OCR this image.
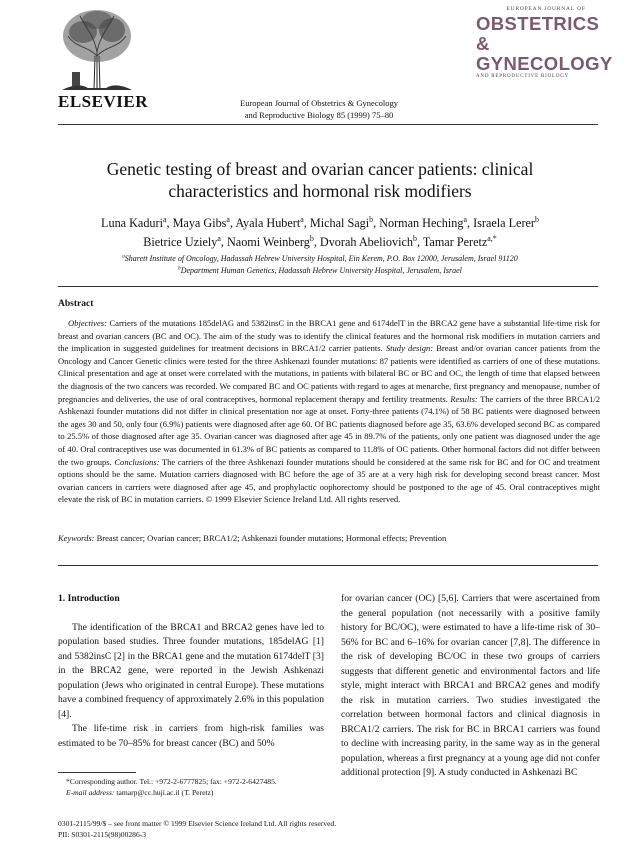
ELSEVIER	European Journal of Obstetrics & Gynecology
and Reproductive Biology 85 (1999) 75–80
EUROPEAN JOURNAL OF
OBSTETRICS &
GYNECOLOGY
AND REPRODUCTIVE BIOLOGY
Genetic testing of breast and ovarian cancer patients: clinical
characteristics and hormonal risk modifiers
Luna Kaduri$^a$, Maya Gibs$^a$, Ayala Hubert$^a$, Michal Sagi$^b$, Norman Heching$^a$, Israela Lerer$^b$
Bietrice Uziely$^a$, Naomi Weinberg$^b$, Dvorah Abeliovich$^b$, Tamar Peretz$^{a,*}$
$^a$Sharett Institute of Oncology, Hadassah Hebrew University Hospital, Ein Kerem, P.O. Box 12000, Jerusalem, Israel 91120
$^b$Department Human Genetics, Hadassah Hebrew University Hospital, Jerusalem, Israel
Abstract
Objectives: Carriers of the mutations 185delAG and 5382insC in the BRCA1 gene and 6174delT in the BRCA2 gene have a substantial life-time risk for breast and ovarian cancers (BC and OC). The aim of the study was to identify the clinical features and the hormonal risk modifiers in mutation carriers and the implication in suggested guidelines for treatment decisions in BRCA1/2 carrier patients. Study design: Breast and/or ovarian cancer patients from the Oncology and Cancer Genetic clinics were tested for the three Ashkenazi founder mutations: 87 patients were identified as carriers of one of these mutations. Clinical presentation and age at onset were correlated with the mutations, in patients with bilateral BC or BC and OC, the length of time that elapsed between the diagnosis of the two cancers was recorded. We compared BC and OC patients with regard to ages at menarche, first pregnancy and menopause, number of pregnancies and deliveries, the use of oral contraceptives, hormonal replacement therapy and fertility treatments. Results: The carriers of the three BRCA1/2 Ashkenazi founder mutations did not differ in clinical presentation nor age at onset. Forty-three patients (74.1%) of 58 BC patients were diagnosed between the ages 30 and 50, only four (6.9%) patients were diagnosed after age 60. Of BC patients diagnosed before age 35, 63.6% developed second BC as compared to 25.5% of those diagnosed after age 35. Ovarian cancer was diagnosed after age 45 in 89.7% of the patients, only one patient was diagnosed under the age of 40. Oral contraceptives use was documented in 61.3% of BC patients as compared to 11.8% of OC patients. Other hormonal factors did not differ between the two groups. Conclusions: The carriers of the three Ashkenazi founder mutations should be considered at the same risk for BC and for OC and treatment options should be the same. Mutation carriers diagnosed with BC before the age of 35 are at a very high risk for developing second breast cancer. Most ovarian cancers in carriers were diagnosed after age 45, and prophylactic oophorectomy should be postponed to the age of 45. Oral contraceptives might elevate the risk of BC in mutation carriers. © 1999 Elsevier Science Ireland Ltd. All rights reserved.
Keywords: Breast cancer; Ovarian cancer; BRCA1/2; Ashkenazi founder mutations; Hormonal effects; Prevention
1. Introduction

The identification of the BRCA1 and BRCA2 genes have led to population based studies. Three founder mutations, 185delAG [1] and 5382insC [2] in the BRCA1 gene and the mutation 6174delT [3] in the BRCA2 gene, were reported in the Jewish Ashkenazi population (Jews who originated in central Europe). These mutations have a combined frequency of approximately 2.6% in this population [4].

The life-time risk in carriers from high-risk families was estimated to be 70–85% for breast cancer (BC) and 50%

for ovarian cancer (OC) [5,6]. Carriers that were ascertained from the general population (not necessarily with a positive family history for BC/OC), were estimated to have a life-time risk of 30–56% for BC and 6–16% for ovarian cancer [7,8]. The difference in the risk of developing BC/OC in these two groups of carriers suggests that different genetic and environmental factors and life style, might interact with BRCA1 and BRCA2 genes and modify the risk in mutation carriers. Two studies investigated the correlation between hormonal factors and clinical diagnosis in BRCA1/2 carriers. The risk for BC in BRCA1 carriers was found to decline with increasing parity, in the same way as in the general population, whereas a first pregnancy at a young age did not confer additional protection [9]. A study conducted in Ashkenazi BC

*Corresponding author. Tel.: +972-2-6777825; fax: +972-2-6427485.
E-mail address: tamarp@cc.huji.ac.il (T. Peretz)
0301-2115/99/$ – see front matter © 1999 Elsevier Science Ireland Ltd. All rights reserved.
PII: S0301-2115(98)00286-3
